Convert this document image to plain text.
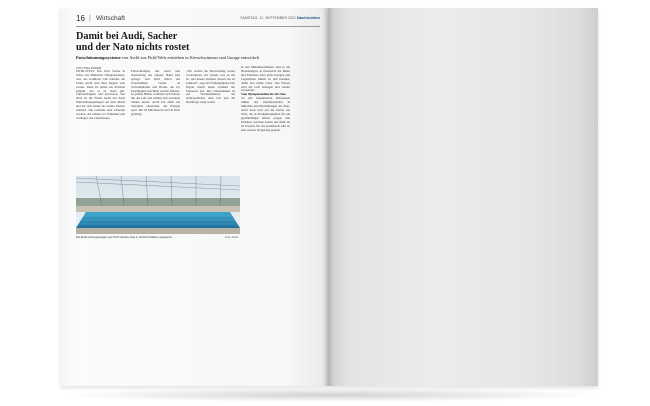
16 | Wirtschaft	SAMSTAG, 11. SEPTEMBER 2021 Nachrichten
Damit bei Audi, Sacher
und der Nato nichts rostet
Entschäumungssysteme von Aschl aus Pichl/Wels entstehen in Kiesschwimmer und Garage entwickelt
VON TINA ENKER
PICHL/WELS. Das Wort Sacher in Wien, das Münchner Olympiastadion, oder das Golfhotel: Die Kunden der Firma Aschl sind ihrer Region weit voraus. Denn sie haben ein Problem gemein, das es zu lösen gilt: Luftfeuchtigkeit und Korrosion. Seit 2016 ist die Firma Aschl mit ihren Entfeuchtungsanlagen auf dem Markt und hat sich seither als starker Partner etabliert. Die Gebäude sind schneller trocken, das schützt vor Schimmel und verlängert die Lebensdauer.
Entwicklungen, mit Gerät und Ausstattung aus eigener Hand sind gefragt. Seit 2016 liefert das Unternehmen Geräte an Schwimmbäder und Hotels, die vor Feuchtigkeit geschützt werden müssen. In großen Hallen verbindet sich Wasser mit der Luft und schlägt sich an kalten Stellen nieder. Aschl hat dafür ein Verfahren entwickelt, das Energie spart. Mit 18 Mitarbeitern wird in Wels gefertigt.
„Wir wollen die Entwicklung weiter vorantreiben, wir wissen, was zu tun ist, und unsere Kunden wissen das zu schätzen“, sagt der Firmengründer. Der Export macht einen Großteil des Umsatzes aus. Das Unternehmen ist auf Wachstumskurs, die Auftragsbücher sind voll und die Nachfrage steigt weiter.
In den Mittelmeerländern sind es die Hotelanlagen, in Österreich die Bäder und Thermen. Aber auch Garagen und Lagerhallen zählen zu den Kunden, damit dort nichts rostet. Das Wasser wird der Luft entzogen und wieder verwendet.
Vom Olympiastadion bis zur Nato
Zu den bekanntesten Referenzen zählen das Olympiastadion in München und Einrichtungen der Nato. Auch Audi setzt auf die Geräte aus Wels, die in Produktionshallen für ein gleichmäßiges Klima sorgen. Die Umsätze wuchsen zuletzt um mehr als 20 Prozent, für das kommende Jahr ist eine weitere Steigerung geplant.
Die Entfeuchtungsanlagen aus Pichl werden etwa in Schwimmbädern eingesetzt.	Foto: Aschl
